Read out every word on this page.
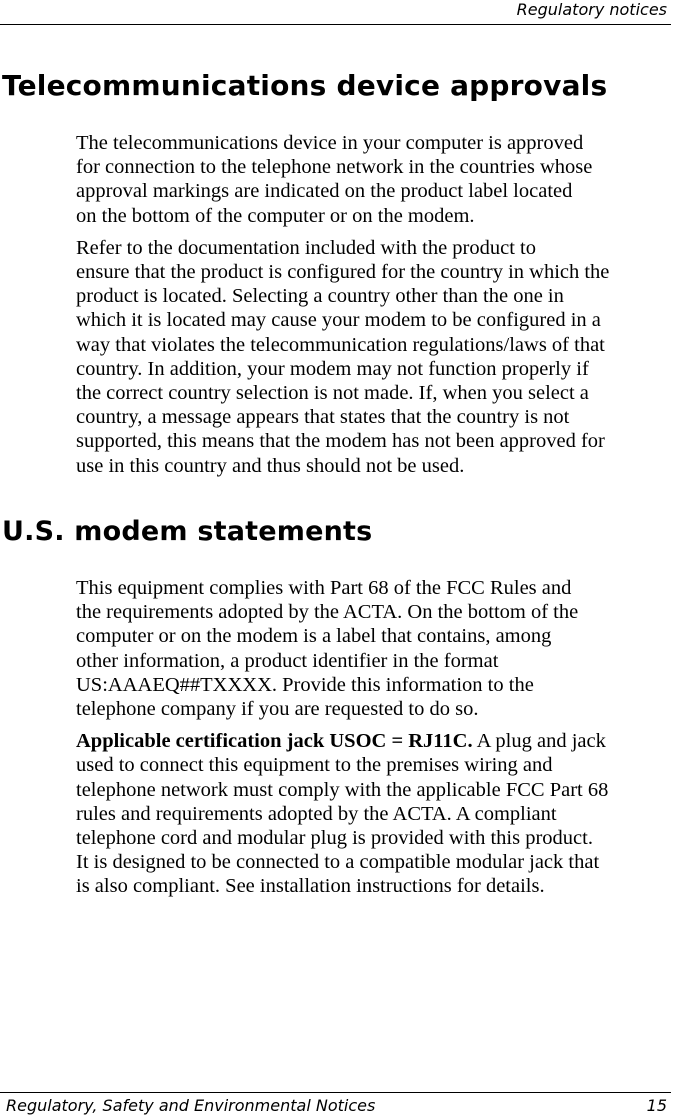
Regulatory notices
Telecommunications device approvals

The telecommunications device in your computer is approved
for connection to the telephone network in the countries whose
approval markings are indicated on the product label located
on the bottom of the computer or on the modem.

Refer to the documentation included with the product to
ensure that the product is configured for the country in which the
product is located. Selecting a country other than the one in
which it is located may cause your modem to be configured in a
way that violates the telecommunication regulations/laws of that
country. In addition, your modem may not function properly if
the correct country selection is not made. If, when you select a
country, a message appears that states that the country is not
supported, this means that the modem has not been approved for
use in this country and thus should not be used.

U.S. modem statements

This equipment complies with Part 68 of the FCC Rules and
the requirements adopted by the ACTA. On the bottom of the
computer or on the modem is a label that contains, among
other information, a product identifier in the format
US:AAAEQ##TXXXX. Provide this information to the
telephone company if you are requested to do so.

Applicable certification jack USOC = RJ11C. A plug and jack
used to connect this equipment to the premises wiring and
telephone network must comply with the applicable FCC Part 68
rules and requirements adopted by the ACTA. A compliant
telephone cord and modular plug is provided with this product.
It is designed to be connected to a compatible modular jack that
is also compliant. See installation instructions for details.

Regulatory, Safety and Environmental Notices	15
